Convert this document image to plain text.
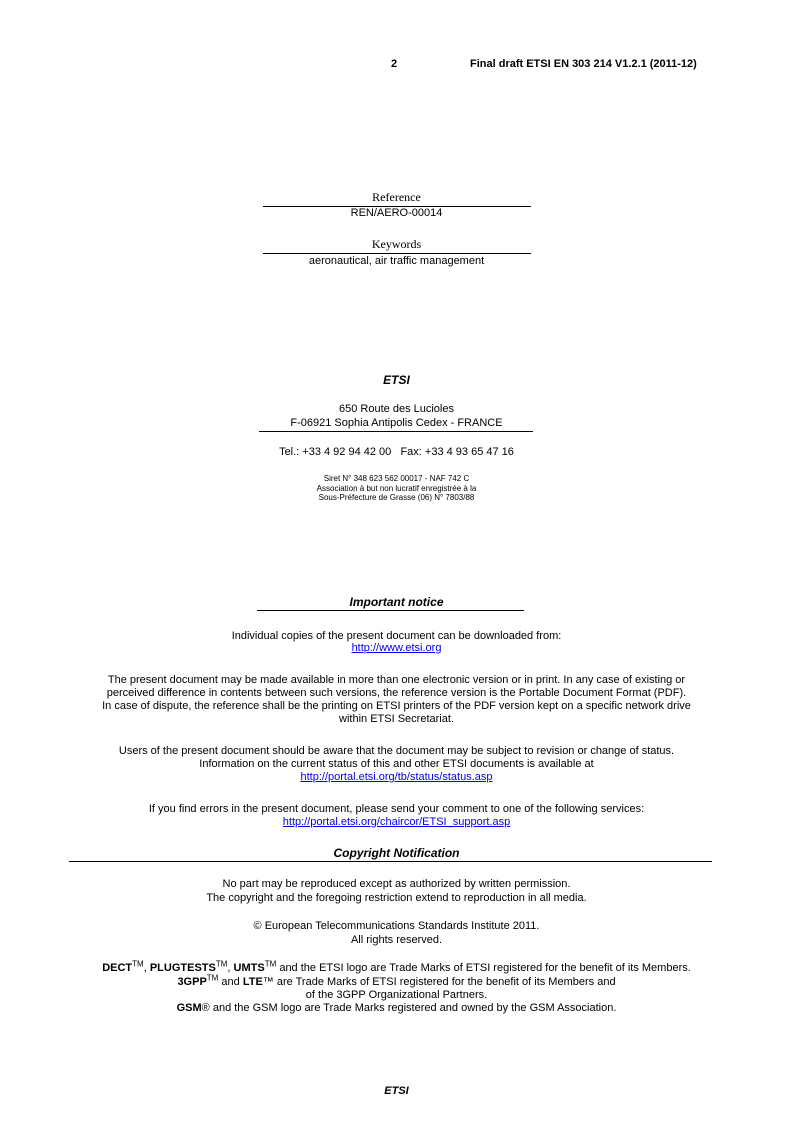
2	Final draft ETSI EN 303 214 V1.2.1 (2011-12)
Reference
REN/AERO-00014
Keywords
aeronautical, air traffic management
ETSI
650 Route des Lucioles
F-06921 Sophia Antipolis Cedex - FRANCE
Tel.: +33 4 92 94 42 00   Fax: +33 4 93 65 47 16
Siret N° 348 623 562 00017 - NAF 742 C
Association à but non lucratif enregistrée à la
Sous-Préfecture de Grasse (06) N° 7803/88
Important notice
Individual copies of the present document can be downloaded from:
http://www.etsi.org
The present document may be made available in more than one electronic version or in print. In any case of existing or
perceived difference in contents between such versions, the reference version is the Portable Document Format (PDF).
In case of dispute, the reference shall be the printing on ETSI printers of the PDF version kept on a specific network drive
within ETSI Secretariat.
Users of the present document should be aware that the document may be subject to revision or change of status.
Information on the current status of this and other ETSI documents is available at
http://portal.etsi.org/tb/status/status.asp
If you find errors in the present document, please send your comment to one of the following services:
http://portal.etsi.org/chaircor/ETSI_support.asp
Copyright Notification
No part may be reproduced except as authorized by written permission.
The copyright and the foregoing restriction extend to reproduction in all media.
© European Telecommunications Standards Institute 2011.
All rights reserved.
DECT™, PLUGTESTS™, UMTS™ and the ETSI logo are Trade Marks of ETSI registered for the benefit of its Members.
3GPP™ and LTE™ are Trade Marks of ETSI registered for the benefit of its Members and
of the 3GPP Organizational Partners.
GSM® and the GSM logo are Trade Marks registered and owned by the GSM Association.
ETSI
